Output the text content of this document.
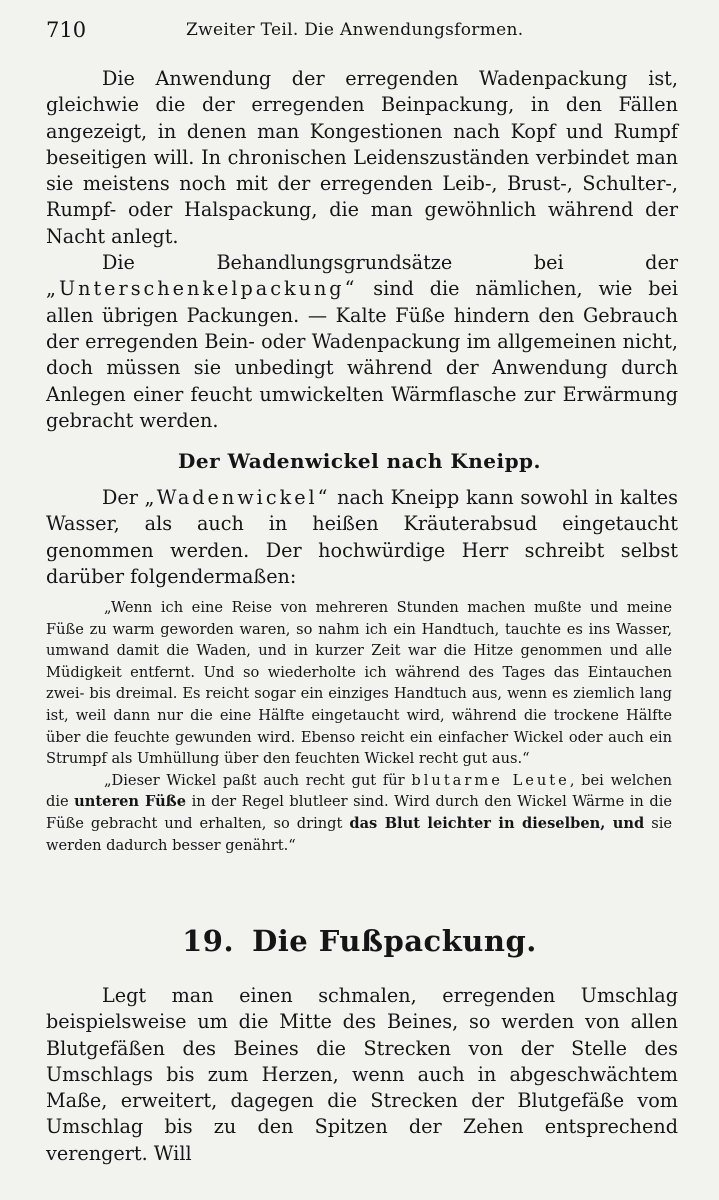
710	Zweiter Teil. Die Anwendungsformen.

Die Anwendung der erregenden Wadenpackung ist, gleichwie die der erregenden Beinpackung, in den Fällen angezeigt, in denen man Kongestionen nach Kopf und Rumpf beseitigen will. In chronischen Leidenszuständen verbindet man sie meistens noch mit der erregenden Leib-, Brust-, Schulter-, Rumpf- oder Halspackung, die man gewöhnlich während der Nacht anlegt.

Die Behandlungsgrundsätze bei der „Unterschenkelpackung“ sind die nämlichen, wie bei allen übrigen Packungen. — Kalte Füße hindern den Gebrauch der erregenden Bein- oder Wadenpackung im allgemeinen nicht, doch müssen sie unbedingt während der Anwendung durch Anlegen einer feucht umwickelten Wärmflasche zur Erwärmung gebracht werden.

Der Wadenwickel nach Kneipp.

Der „Wadenwickel“ nach Kneipp kann sowohl in kaltes Wasser, als auch in heißen Kräuterabsud eingetaucht genommen werden. Der hochwürdige Herr schreibt selbst darüber folgendermaßen:

„Wenn ich eine Reise von mehreren Stunden machen mußte und meine Füße zu warm geworden waren, so nahm ich ein Handtuch, tauchte es ins Wasser, umwand damit die Waden, und in kurzer Zeit war die Hitze genommen und alle Müdigkeit entfernt. Und so wiederholte ich während des Tages das Eintauchen zwei- bis dreimal. Es reicht sogar ein einziges Handtuch aus, wenn es ziemlich lang ist, weil dann nur die eine Hälfte eingetaucht wird, während die trockene Hälfte über die feuchte gewunden wird. Ebenso reicht ein einfacher Wickel oder auch ein Strumpf als Umhüllung über den feuchten Wickel recht gut aus.“

„Dieser Wickel paßt auch recht gut für blutarme Leute, bei welchen die unteren Füße in der Regel blutleer sind. Wird durch den Wickel Wärme in die Füße gebracht und erhalten, so dringt das Blut leichter in dieselben, und sie werden dadurch besser genährt.“

19. Die Fußpackung.

Legt man einen schmalen, erregenden Umschlag beispielsweise um die Mitte des Beines, so werden von allen Blutgefäßen des Beines die Strecken von der Stelle des Umschlags bis zum Herzen, wenn auch in abgeschwächtem Maße, erweitert, dagegen die Strecken der Blutgefäße vom Umschlag bis zu den Spitzen der Zehen entsprechend verengert. Will
